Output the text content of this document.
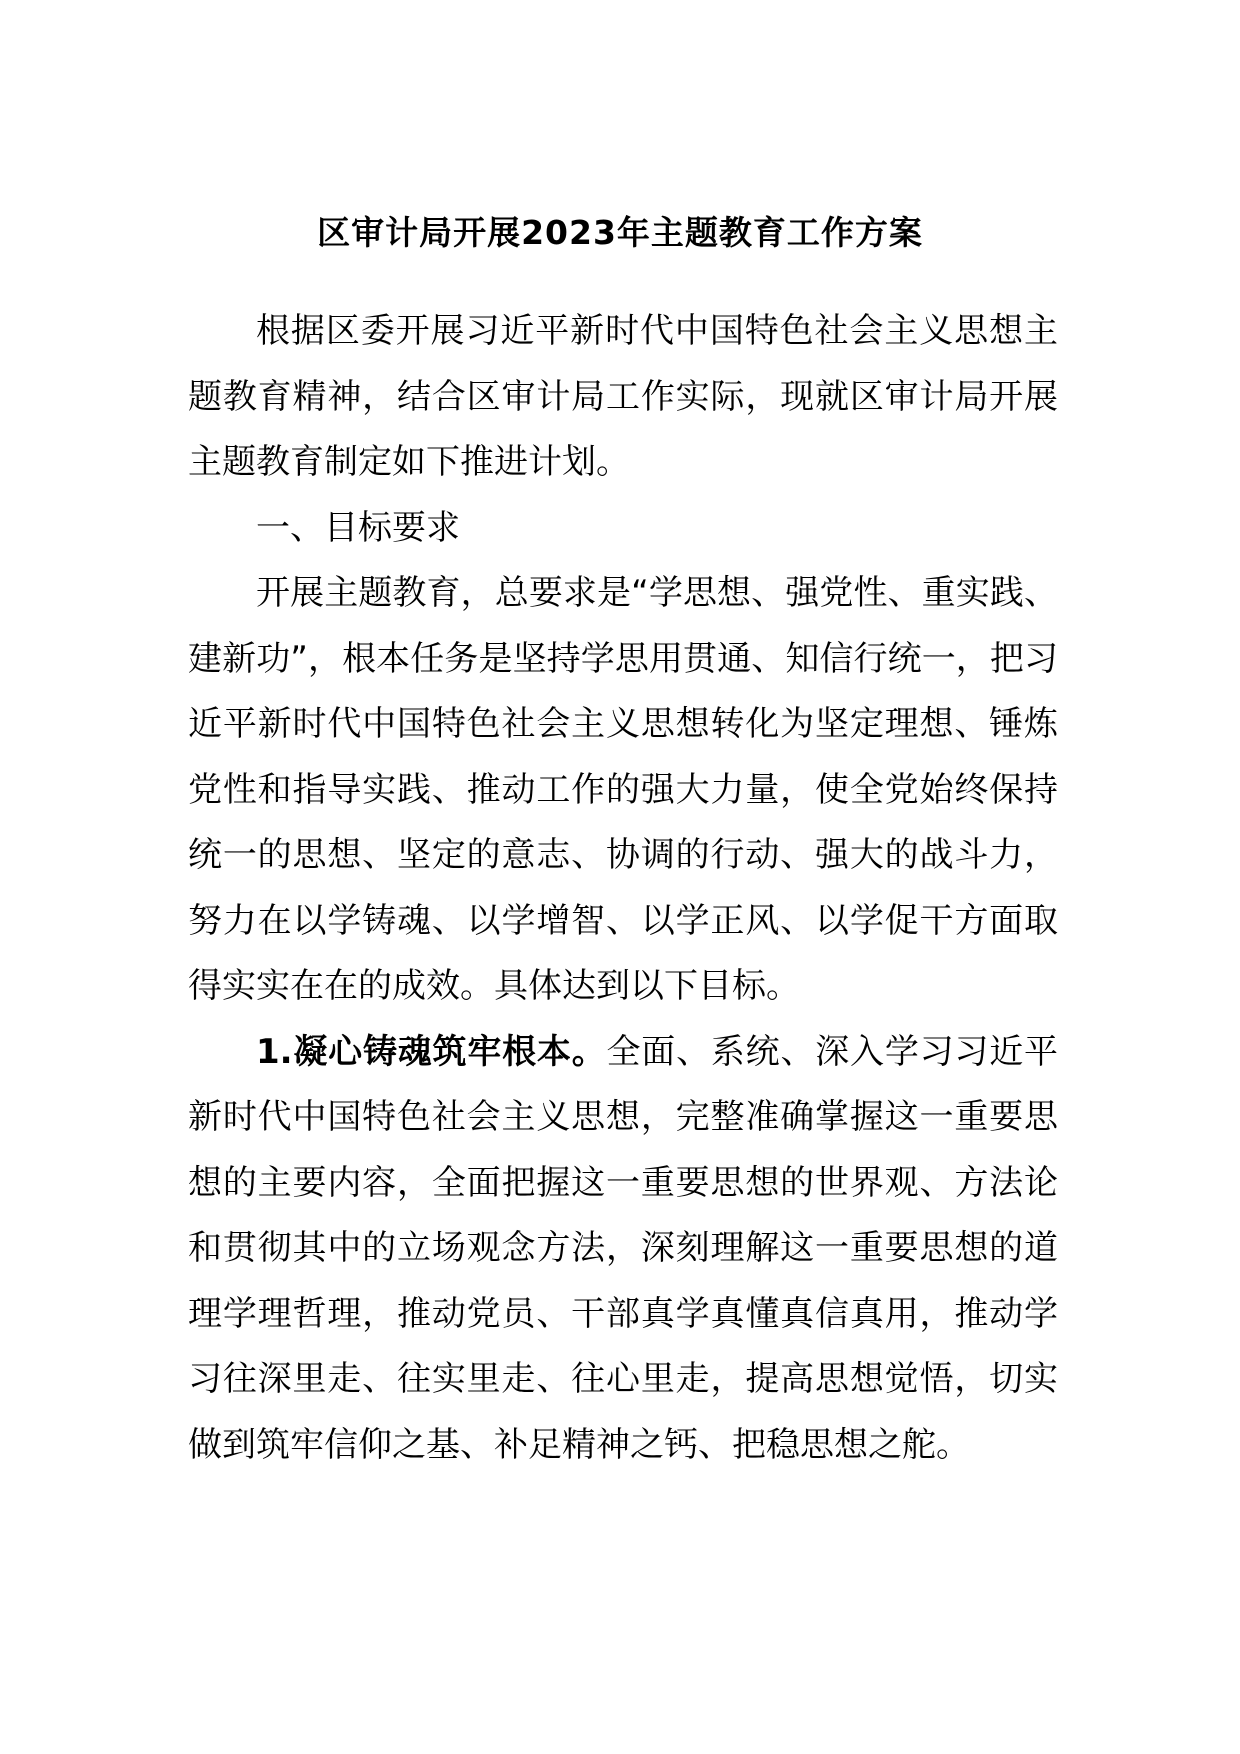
区审计局开展2023年主题教育工作方案

根据区委开展习近平新时代中国特色社会主义思想主题教育精神，结合区审计局工作实际，现就区审计局开展主题教育制定如下推进计划。

一、目标要求

开展主题教育，总要求是“学思想、强党性、重实践、建新功”，根本任务是坚持学思用贯通、知信行统一，把习近平新时代中国特色社会主义思想转化为坚定理想、锤炼党性和指导实践、推动工作的强大力量，使全党始终保持统一的思想、坚定的意志、协调的行动、强大的战斗力，努力在以学铸魂、以学增智、以学正风、以学促干方面取得实实在在的成效。具体达到以下目标。

1.凝心铸魂筑牢根本。全面、系统、深入学习习近平新时代中国特色社会主义思想，完整准确掌握这一重要思想的主要内容，全面把握这一重要思想的世界观、方法论和贯彻其中的立场观念方法，深刻理解这一重要思想的道理学理哲理，推动党员、干部真学真懂真信真用，推动学习往深里走、往实里走、往心里走，提高思想觉悟，切实做到筑牢信仰之基、补足精神之钙、把稳思想之舵。
